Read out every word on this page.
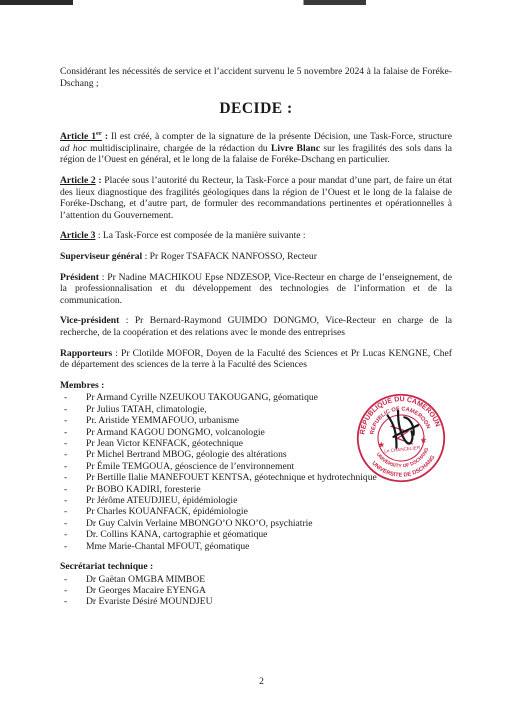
Considérant les nécessités de service et l’accident survenu le 5 novembre 2024 à la falaise de Foréke-Dschang ;

DECIDE :

Article 1er : Il est créé, à compter de la signature de la présente Décision, une Task-Force, structure ad hoc multidisciplinaire, chargée de la rédaction du Livre Blanc sur les fragilités des sols dans la région de l’Ouest en général, et le long de la falaise de Foréke-Dschang en particulier.

Article 2 : Placée sous l’autorité du Recteur, la Task-Force a pour mandat d’une part, de faire un état des lieux diagnostique des fragilités géologiques dans la région de l’Ouest et le long de la falaise de Foréke-Dschang, et d’autre part, de formuler des recommandations pertinentes et opérationnelles à l’attention du Gouvernement.

Article 3 : La Task-Force est composée de la manière suivante :

Superviseur général : Pr Roger TSAFACK NANFOSSO, Recteur

Président : Pr Nadine MACHIKOU Epse NDZESOP, Vice-Recteur en charge de l’enseignement, de la professionnalisation et du développement des technologies de l’information et de la communication.

Vice-président : Pr Bernard-Raymond GUIMDO DONGMO, Vice-Recteur en charge de la recherche, de la coopération et des relations avec le monde des entreprises

Rapporteurs : Pr Clotilde MOFOR, Doyen de la Faculté des Sciences et Pr Lucas KENGNE, Chef de département des sciences de la terre à la Faculté des Sciences

Membres :
- Pr Armand Cyrille NZEUKOU TAKOUGANG, géomatique
- Pr Julius TATAH, climatologie,
- Pr. Aristide YEMMAFOUO, urbanisme
- Pr Armand KAGOU DONGMO, volcanologie
- Pr Jean Victor KENFACK, géotechnique
- Pr Michel Bertrand MBOG, géologie des altérations
- Pr Émile TEMGOUA, géoscience de l’environnement
- Pr Bertille Ilalie MANEFOUET KENTSA, géotechnique et hydrotechnique
- Pr BOBO KADIRI, foresterie
- Pr Jérôme ATEUDJIEU, épidémiologie
- Pr Charles KOUANFACK, épidémiologie
- Dr Guy Calvin Verlaine MBONGO’O NKO’O, psychiatrie
- Dr. Collins KANA, cartographie et géomatique
- Mme Marie-Chantal MFOUT, géomatique
Secrétariat technique :
- Dr Gaëtan OMGBA MIMBOE
- Dr Georges Macaire EYENGA
- Dr Evariste Désiré MOUNDJEU
REPUBLIQUE DU CAMEROUN
REPUBLIC OF CAMEROON
UNIVERSITE DE DSCHANG
UNIVERSITY OF DSCHANG
Le CHANCELIER
★	★
2
